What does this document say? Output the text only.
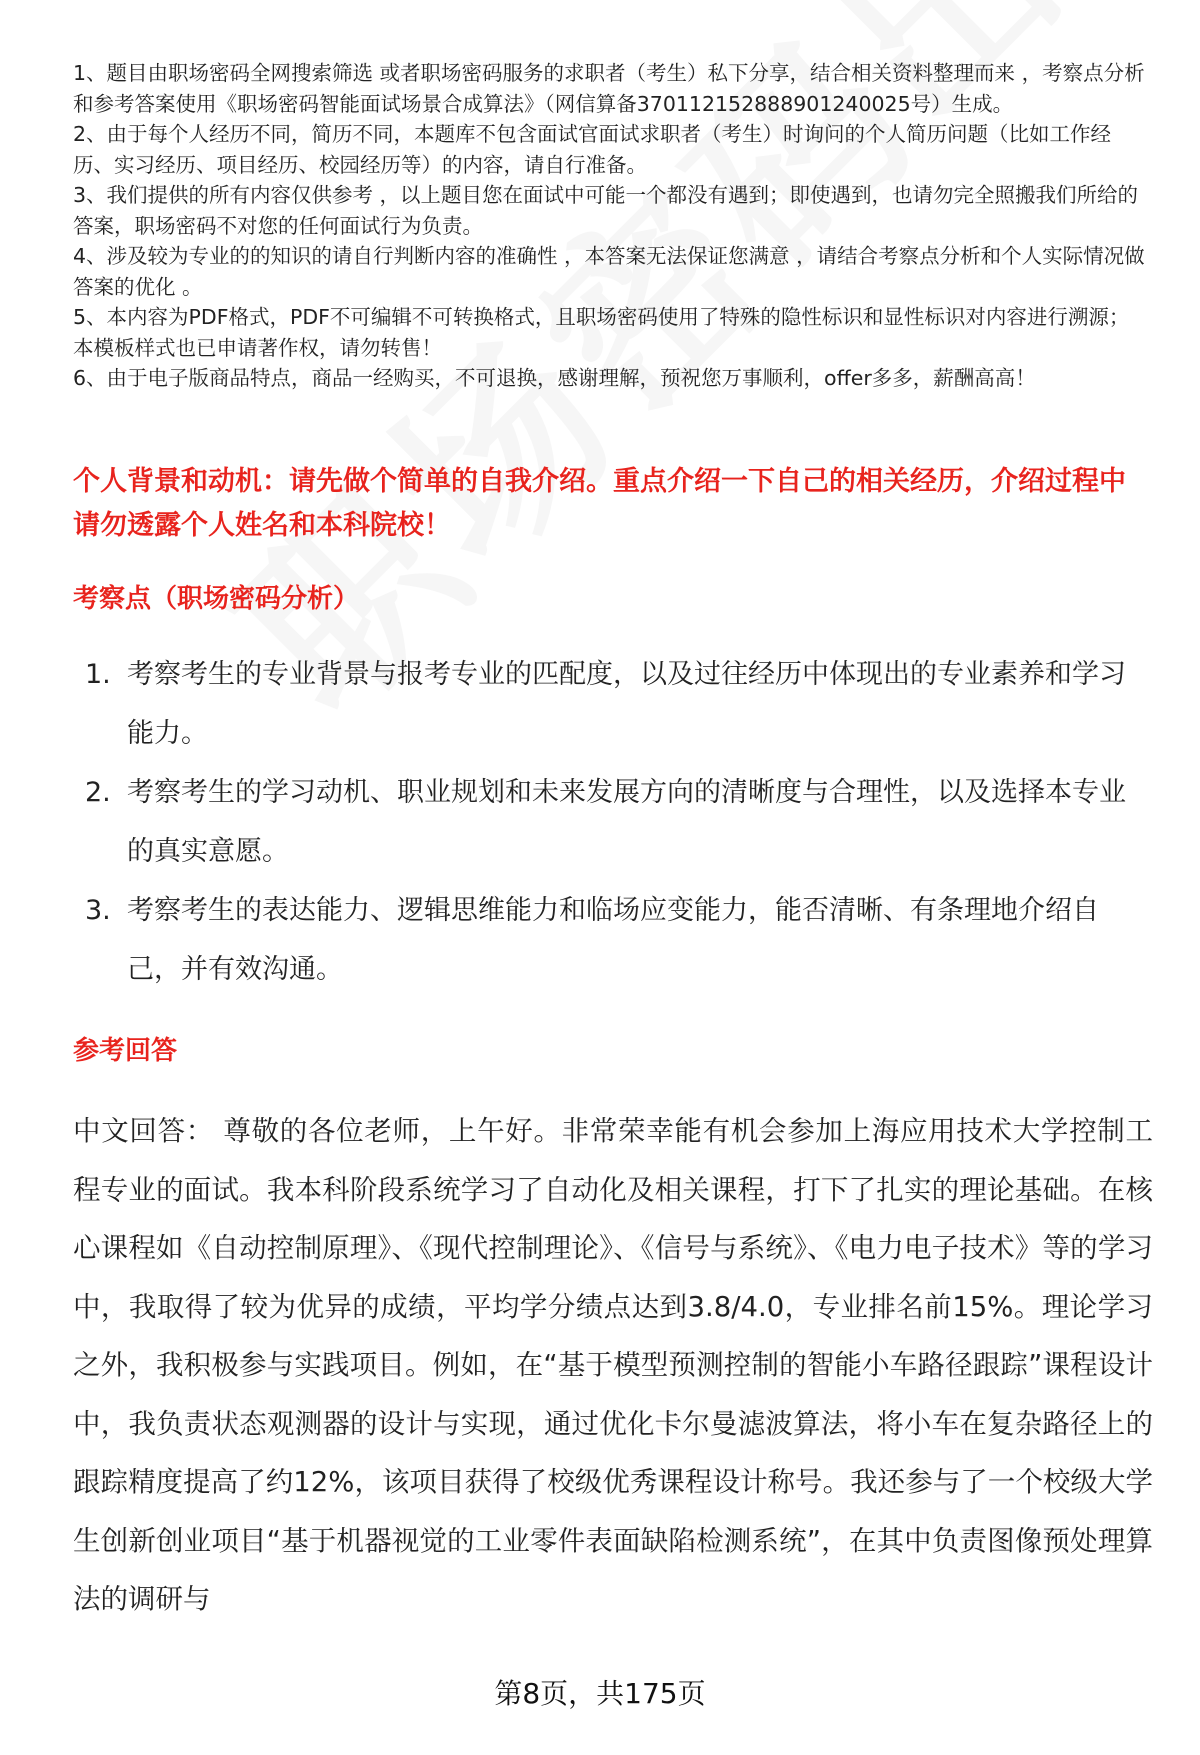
1、题目由职场密码全网搜索筛选 或者职场密码服务的求职者（考生）私下分享，结合相关资料整理而来 ，考察点分析和参考答案使用《职场密码智能面试场景合成算法》（网信算备370112152888901240025号）生成。

2、由于每个人经历不同，简历不同，本题库不包含面试官面试求职者（考生）时询问的个人简历问题（比如工作经历、实习经历、项目经历、校园经历等）的内容，请自行准备。

3、我们提供的所有内容仅供参考 ，以上题目您在面试中可能一个都没有遇到；即使遇到，也请勿完全照搬我们所给的答案，职场密码不对您的任何面试行为负责。

4、涉及较为专业的的知识的请自行判断内容的准确性 ，本答案无法保证您满意 ，请结合考察点分析和个人实际情况做答案的优化 。

5、本内容为PDF格式，PDF不可编辑不可转换格式，且职场密码使用了特殊的隐性标识和显性标识对内容进行溯源；本模板样式也已申请著作权，请勿转售！

6、由于电子版商品特点，商品一经购买，不可退换，感谢理解，预祝您万事顺利，offer多多，薪酬高高！

个人背景和动机：请先做个简单的自我介绍。重点介绍一下自己的相关经历，介绍过程中请勿透露个人姓名和本科院校！
考察点（职场密码分析）
1. 考察考生的专业背景与报考专业的匹配度，以及过往经历中体现出的专业素养和学习能力。
2. 考察考生的学习动机、职业规划和未来发展方向的清晰度与合理性，以及选择本专业的真实意愿。
3. 考察考生的表达能力、逻辑思维能力和临场应变能力，能否清晰、有条理地介绍自己，并有效沟通。
参考回答
中文回答： 尊敬的各位老师，上午好。非常荣幸能有机会参加上海应用技术大学控制工程专业的面试。我本科阶段系统学习了自动化及相关课程，打下了扎实的理论基础。在核心课程如《自动控制原理》、《现代控制理论》、《信号与系统》、《电力电子技术》等的学习中，我取得了较为优异的成绩，平均学分绩点达到3.8/4.0，专业排名前15%。理论学习之外，我积极参与实践项目。例如，在“基于模型预测控制的智能小车路径跟踪”课程设计中，我负责状态观测器的设计与实现，通过优化卡尔曼滤波算法，将小车在复杂路径上的跟踪精度提高了约12%，该项目获得了校级优秀课程设计称号。我还参与了一个校级大学生创新创业项目“基于机器视觉的工业零件表面缺陷检测系统”，在其中负责图像预处理算法的调研与
第8页，共175页
